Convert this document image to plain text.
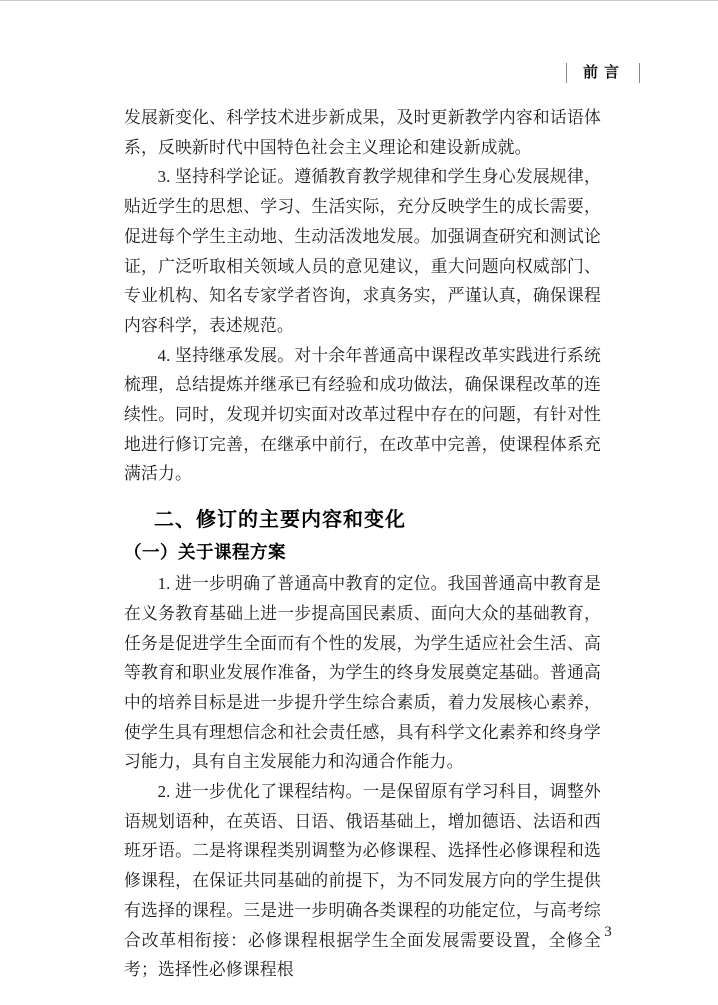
前言

发展新变化、科学技术进步新成果，及时更新教学内容和话语体系，反映新时代中国特色社会主义理论和建设新成就。

3. 坚持科学论证。遵循教育教学规律和学生身心发展规律，贴近学生的思想、学习、生活实际，充分反映学生的成长需要，促进每个学生主动地、生动活泼地发展。加强调查研究和测试论证，广泛听取相关领域人员的意见建议，重大问题向权威部门、专业机构、知名专家学者咨询，求真务实，严谨认真，确保课程内容科学，表述规范。

4. 坚持继承发展。对十余年普通高中课程改革实践进行系统梳理，总结提炼并继承已有经验和成功做法，确保课程改革的连续性。同时，发现并切实面对改革过程中存在的问题，有针对性地进行修订完善，在继承中前行，在改革中完善，使课程体系充满活力。

二、修订的主要内容和变化
（一）关于课程方案

1. 进一步明确了普通高中教育的定位。我国普通高中教育是在义务教育基础上进一步提高国民素质、面向大众的基础教育，任务是促进学生全面而有个性的发展，为学生适应社会生活、高等教育和职业发展作准备，为学生的终身发展奠定基础。普通高中的培养目标是进一步提升学生综合素质，着力发展核心素养，使学生具有理想信念和社会责任感，具有科学文化素养和终身学习能力，具有自主发展能力和沟通合作能力。

2. 进一步优化了课程结构。一是保留原有学习科目，调整外语规划语种，在英语、日语、俄语基础上，增加德语、法语和西班牙语。二是将课程类别调整为必修课程、选择性必修课程和选修课程，在保证共同基础的前提下，为不同发展方向的学生提供有选择的课程。三是进一步明确各类课程的功能定位，与高考综合改革相衔接：必修课程根据学生全面发展需要设置，全修全考；选择性必修课程根

3
